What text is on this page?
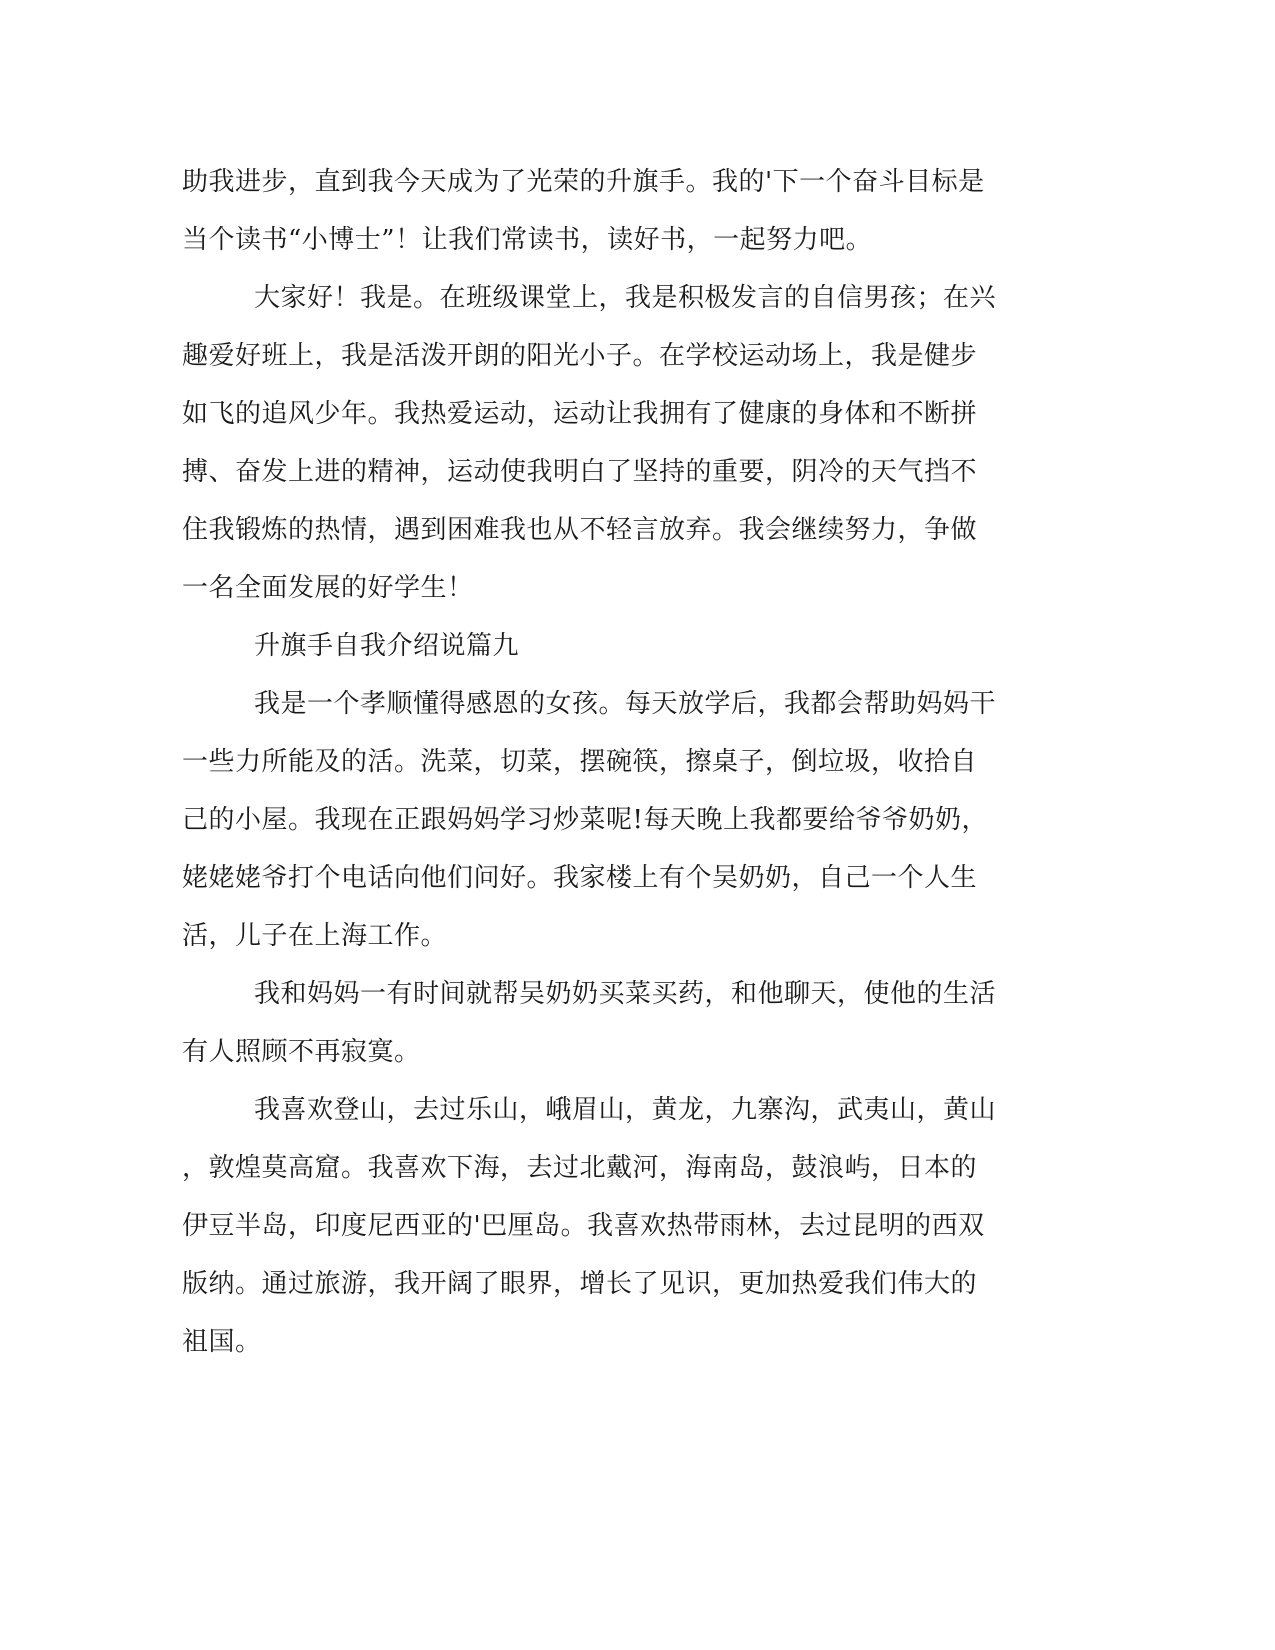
助我进步，直到我今天成为了光荣的升旗手。我的'下一个奋斗目标是
当个读书“小博士”！让我们常读书，读好书，一起努力吧。
大家好！我是。在班级课堂上，我是积极发言的自信男孩；在兴
趣爱好班上，我是活泼开朗的阳光小子。在学校运动场上，我是健步
如飞的追风少年。我热爱运动，运动让我拥有了健康的身体和不断拼
搏、奋发上进的精神，运动使我明白了坚持的重要，阴冷的天气挡不
住我锻炼的热情，遇到困难我也从不轻言放弃。我会继续努力，争做
一名全面发展的好学生！
升旗手自我介绍说篇九
我是一个孝顺懂得感恩的女孩。每天放学后，我都会帮助妈妈干
一些力所能及的活。洗菜，切菜，摆碗筷，擦桌子，倒垃圾，收拾自
己的小屋。我现在正跟妈妈学习炒菜呢!每天晚上我都要给爷爷奶奶，
姥姥姥爷打个电话向他们问好。我家楼上有个吴奶奶，自己一个人生
活，儿子在上海工作。
我和妈妈一有时间就帮吴奶奶买菜买药，和他聊天，使他的生活
有人照顾不再寂寞。
我喜欢登山，去过乐山，峨眉山，黄龙，九寨沟，武夷山，黄山
，敦煌莫高窟。我喜欢下海，去过北戴河，海南岛，鼓浪屿，日本的
伊豆半岛，印度尼西亚的'巴厘岛。我喜欢热带雨林，去过昆明的西双
版纳。通过旅游，我开阔了眼界，增长了见识，更加热爱我们伟大的
祖国。
